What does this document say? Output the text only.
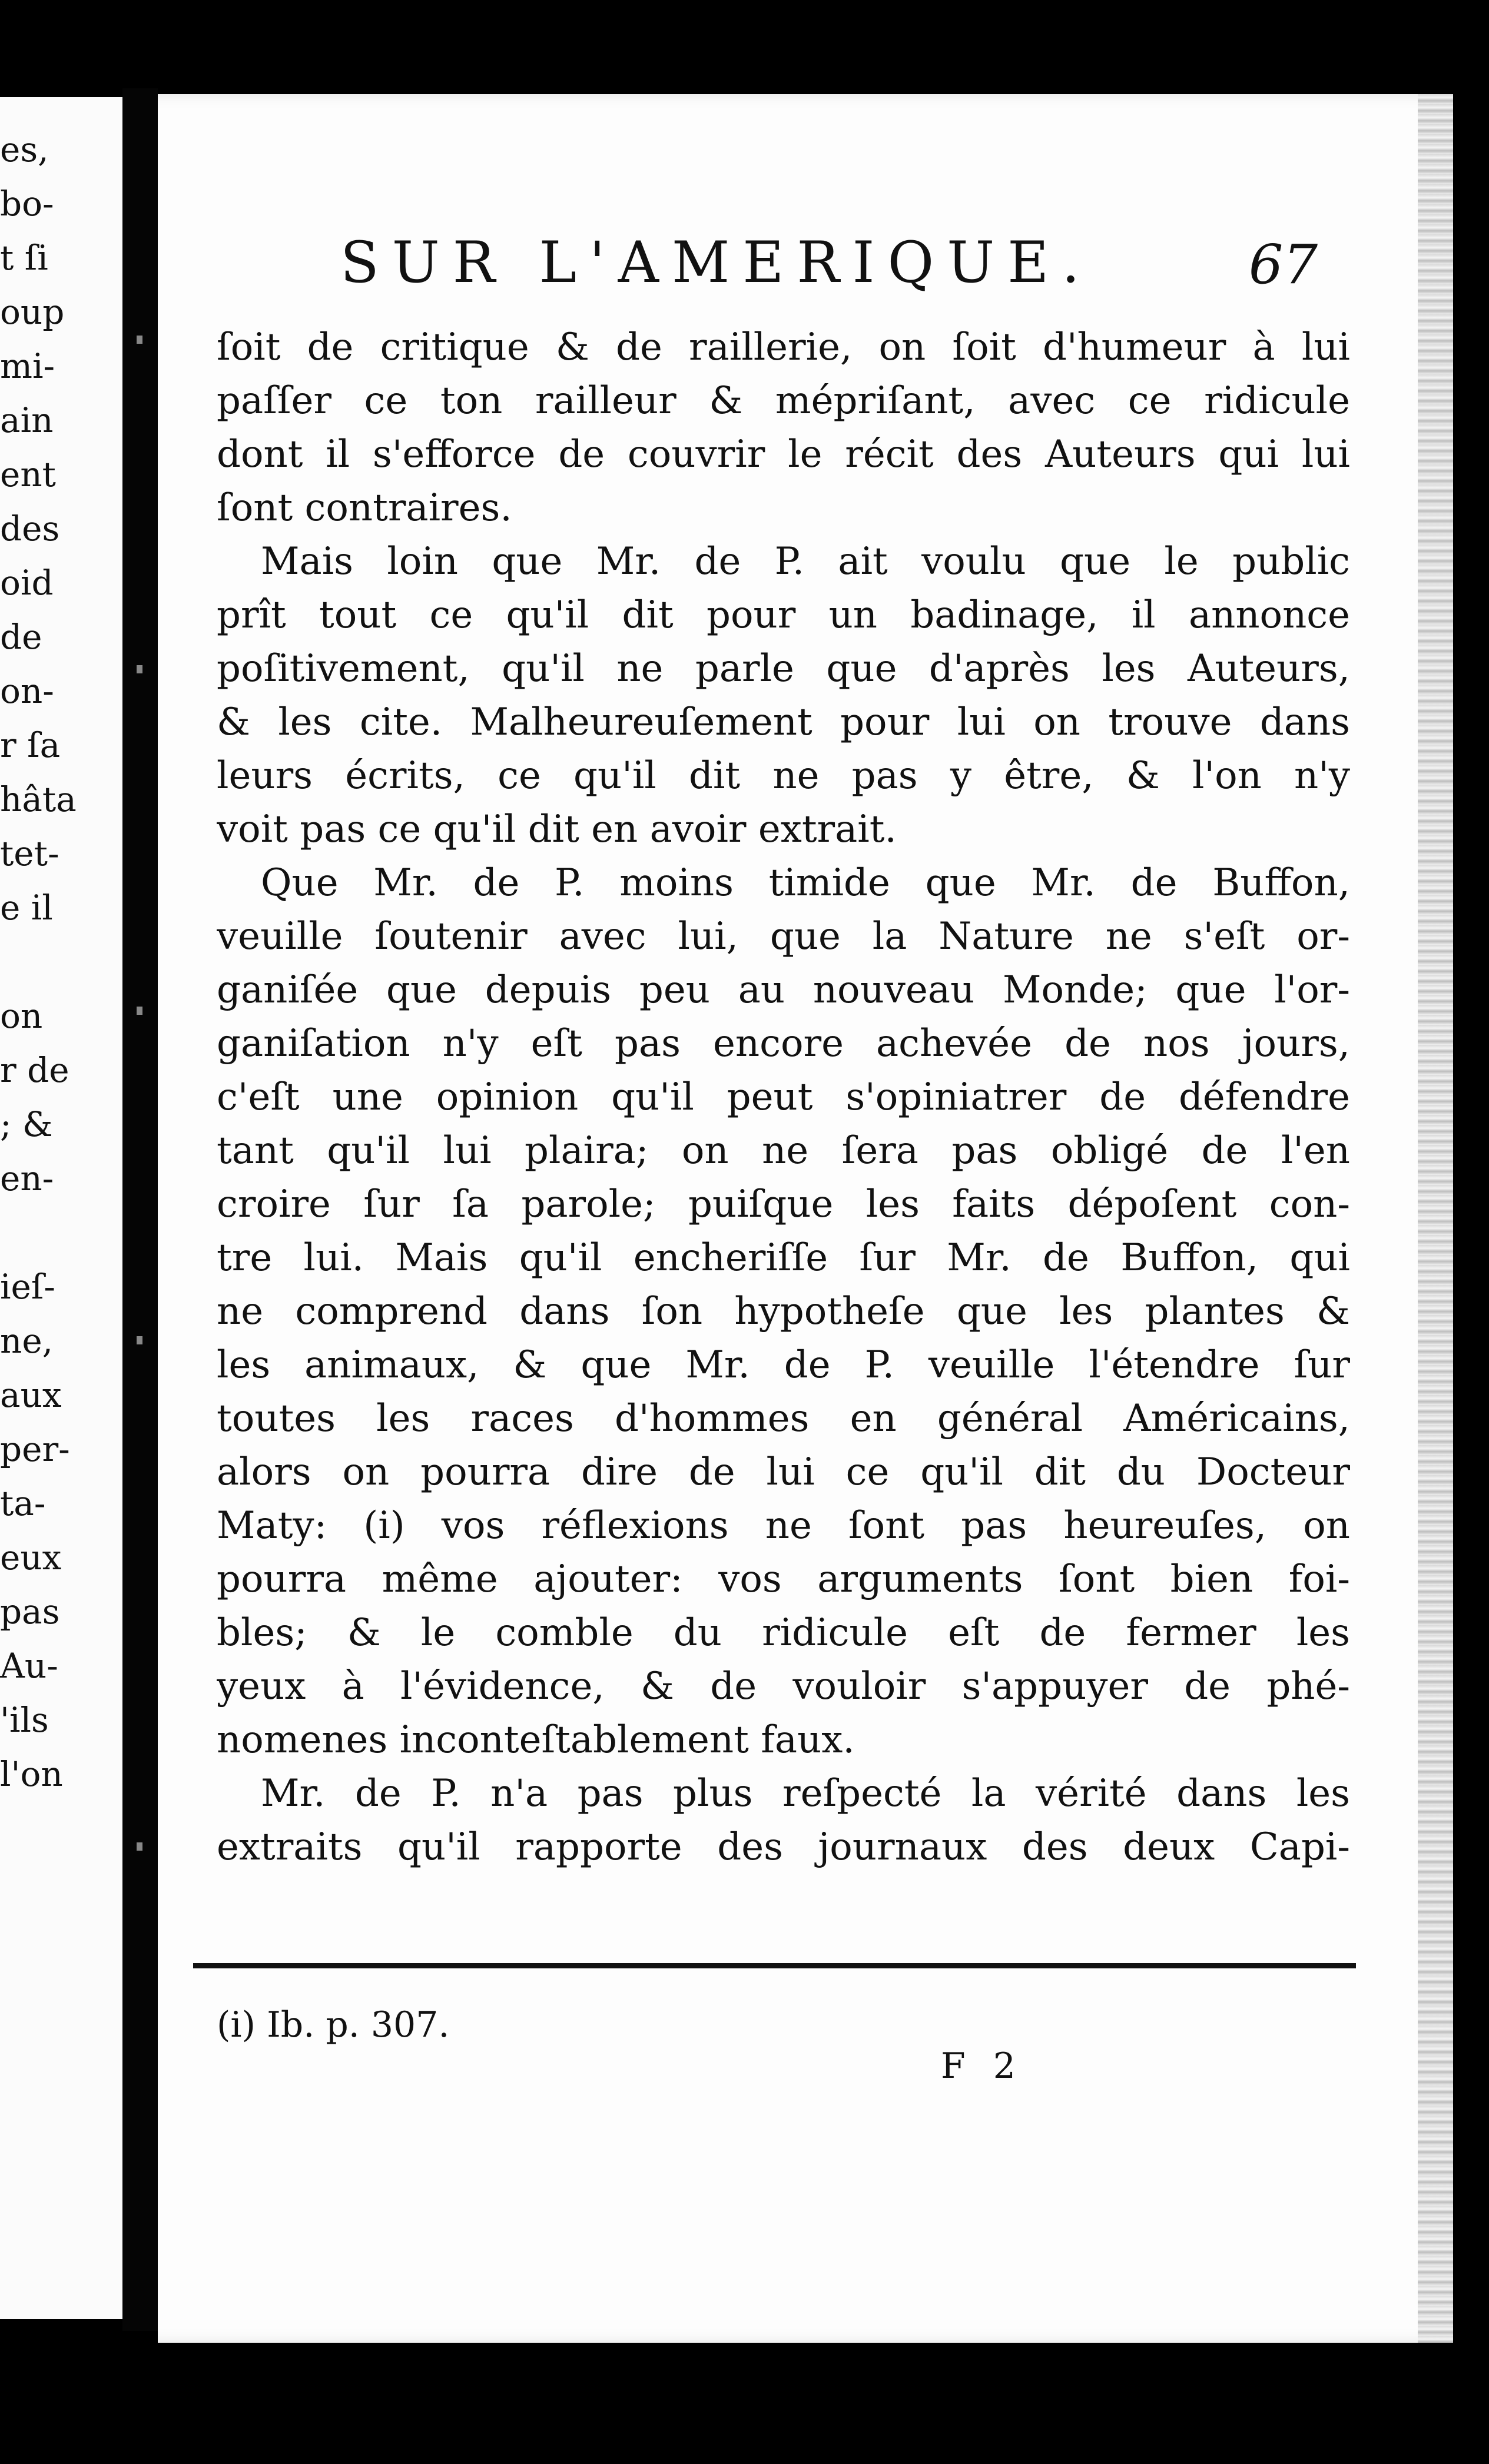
es,
bo-
t ſi
oup
mi-
ain
ent
des
oid
de
on-
r ſa
hâta
tet-
e il
on
r de
; &
en-
ieſ-
ne,
aux
per-
ta-
eux
pas
Au-
'ils
l'on
SUR L'AMERIQUE.	67
ſoit de critique & de raillerie, on ſoit d'humeur à lui
paſſer ce ton railleur & mépriſant, avec ce ridicule
dont il s'efforce de couvrir le récit des Auteurs qui lui
ſont contraires.
Mais loin que Mr. de P. ait voulu que le public
prît tout ce qu'il dit pour un badinage, il annonce
poſitivement, qu'il ne parle que d'après les Auteurs,
& les cite. Malheureuſement pour lui on trouve dans
leurs écrits, ce qu'il dit ne pas y être, & l'on n'y
voit pas ce qu'il dit en avoir extrait.
Que Mr. de P. moins timide que Mr. de Buffon,
veuille ſoutenir avec lui, que la Nature ne s'eſt or-
ganiſée que depuis peu au nouveau Monde; que l'or-
ganiſation n'y eſt pas encore achevée de nos jours,
c'eſt une opinion qu'il peut s'opiniatrer de défendre
tant qu'il lui plaira; on ne ſera pas obligé de l'en
croire ſur ſa parole; puiſque les faits dépoſent con-
tre lui. Mais qu'il encheriſſe ſur Mr. de Buffon, qui
ne comprend dans ſon hypotheſe que les plantes &
les animaux, & que Mr. de P. veuille l'étendre ſur
toutes les races d'hommes en général Américains,
alors on pourra dire de lui ce qu'il dit du Docteur
Maty: (i) vos réflexions ne ſont pas heureuſes, on
pourra même ajouter: vos arguments ſont bien foi-
bles; & le comble du ridicule eſt de fermer les
yeux à l'évidence, & de vouloir s'appuyer de phé-
nomenes inconteſtablement faux.
Mr. de P. n'a pas plus reſpecté la vérité dans les
extraits qu'il rapporte des journaux des deux Capi-
(i) Ib. p. 307.
F 2
